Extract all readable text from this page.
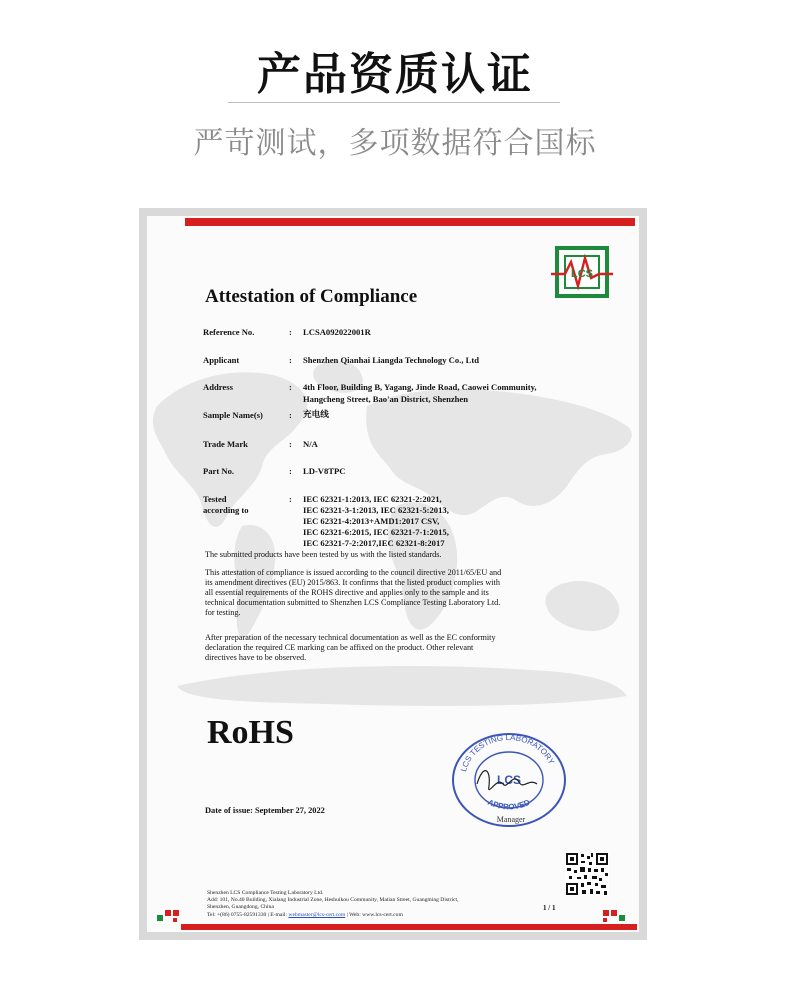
产品资质认证
严苛测试，多项数据符合国标
LCS
Attestation of Compliance
Reference No.	: LCSA092022001R
Applicant	: Shenzhen Qianhai Liangda Technology Co., Ltd
Address	: 4th Floor, Building B, Yagang, Jinde Road, Caowei Community,
Hangcheng Street, Bao'an District, Shenzhen
Sample Name(s)	: 充电线
Trade Mark	: N/A
Part No.	: LD-V8TPC
Tested
according to
: IEC 62321-1:2013, IEC 62321-2:2021,
IEC 62321-3-1:2013, IEC 62321-5:2013,
IEC 62321-4:2013+AMD1:2017 CSV,
IEC 62321-6:2015, IEC 62321-7-1:2015,
IEC 62321-7-2:2017,IEC 62321-8:2017
The submitted products have been tested by us with the listed standards.
This attestation of compliance is issued according to the council directive 2011/65/EU and
its amendment directives (EU) 2015/863. It confirms that the listed product complies with
all essential requirements of the ROHS directive and applies only to the sample and its
technical documentation submitted to Shenzhen LCS Compliance Testing Laboratory Ltd.
for testing.
After preparation of the necessary technical documentation as well as the EC conformity
declaration the required CE marking can be affixed on the product. Other relevant
directives have to be observed.
RoHS
LCS TESTING LABORATORY
APPROVED
LCS
Manager
Date of issue: September 27, 2022
Shenzhen LCS Compliance Testing Laboratory Ltd.
Add: 101, No.40 Building, Xialang Industrial Zone, Heshuikou Community, Matian Street, Guangming District,
Shenzhen, Guangdong, China
Tel: +(86) 0755-82591330 | E-mail: webmaster@lcs-cert.com | Web: www.lcs-cert.com
1 / 1
